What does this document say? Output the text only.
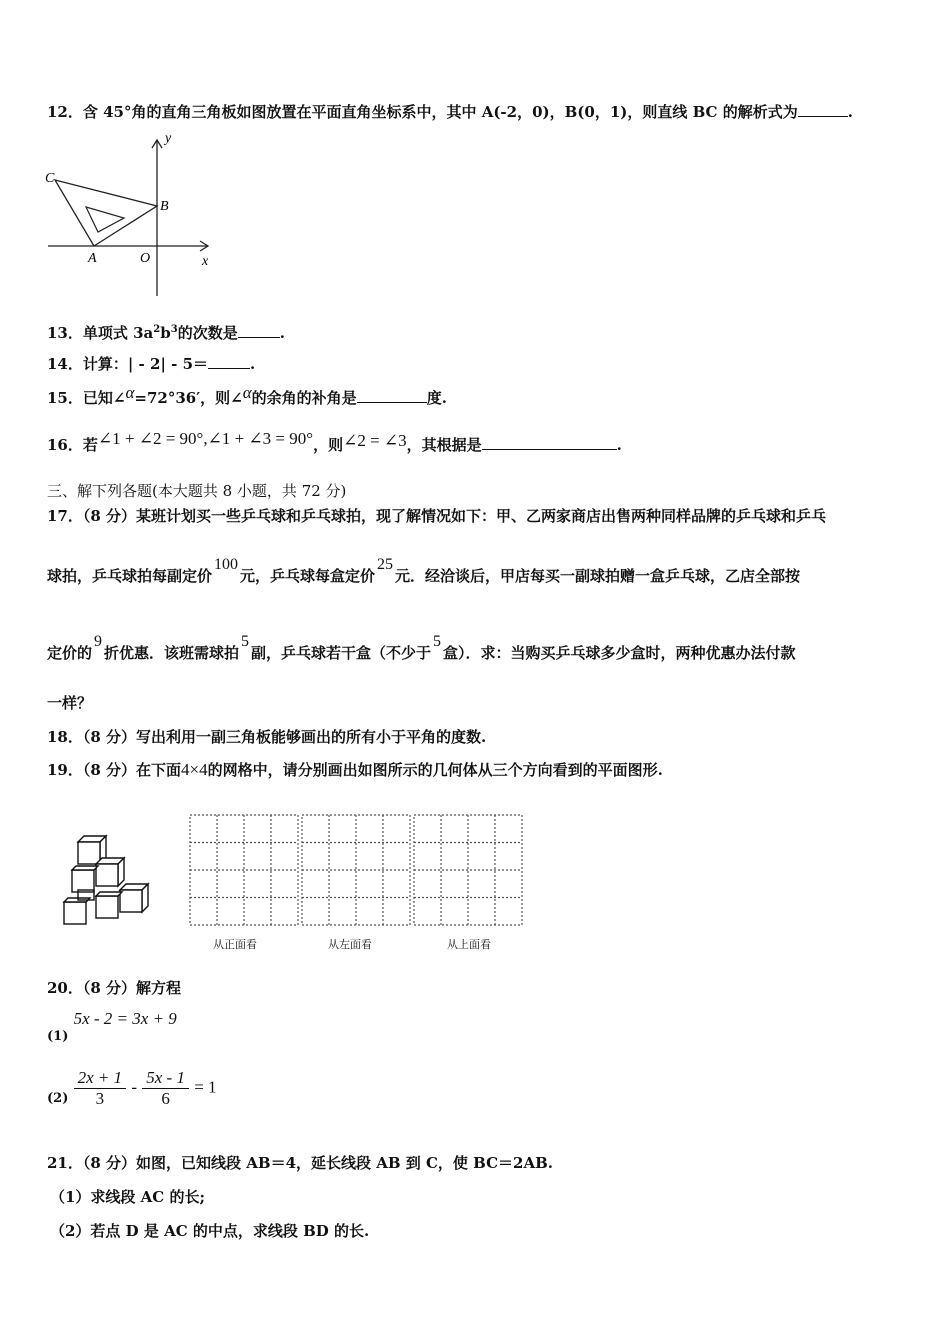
12．含 45°角的直角三角板如图放置在平面直角坐标系中，其中 A(-2，0)，B(0，1)，则直线 BC 的解析式为	.
C
B
A	O	x
y
13．单项式 $3a^2b^3$的次数是	.
14．计算：| - 2| - 5＝	.
15．已知∠α=72°36′，则∠α的余角的补角是	度.
16．若∠1 + ∠2 = 90°,∠1 + ∠3 = 90°，则∠2 = ∠3，其根据是	.
三、解下列各题(本大题共 8 小题，共 72 分)
17．（8 分）某班计划买一些乒乓球和乒乓球拍，现了解情况如下：甲、乙两家商店出售两种同样品牌的乒乓球和乒乓
球拍，乒乓球拍每副定价100元，乒乓球每盒定价25元．经洽谈后，甲店每买一副球拍赠一盒乒乓球，乙店全部按
定价的9折优惠．该班需球拍5副，乒乓球若干盒（不少于5盒）．求：当购买乒乓球多少盒时，两种优惠办法付款
一样？
18．（8 分）写出利用一副三角板能够画出的所有小于平角的度数.
19．（8 分）在下面4×4的网格中，请分别画出如图所示的几何体从三个方向看到的平面图形.
从正面看	从左面看	从上面看
20．（8 分）解方程
(1) 5x - 2 = 3x + 9
$(2) \frac{2x + 1}{3} - \frac{5x - 1}{6} = 1$
21．（8 分）如图，已知线段 AB＝4，延长线段 AB 到 C，使 BC＝2AB.
（1）求线段 AC 的长;
（2）若点 D 是 AC 的中点，求线段 BD 的长.
